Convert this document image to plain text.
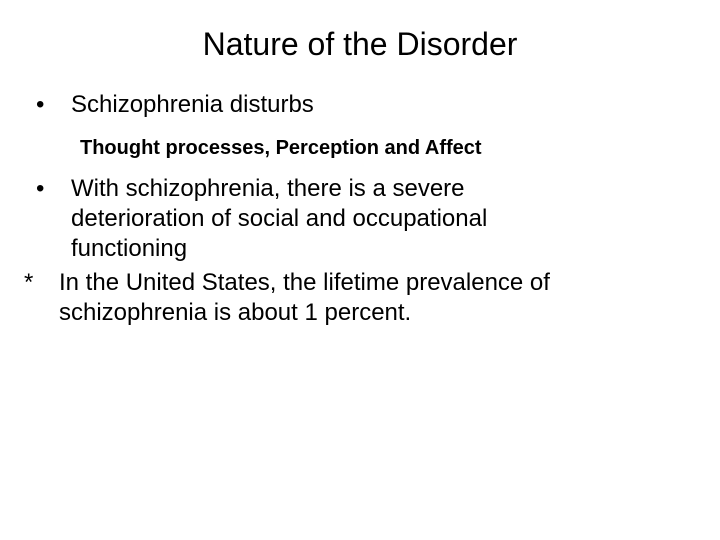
Nature of the Disorder
•	Schizophrenia disturbs
Thought processes, Perception and Affect
•	With schizophrenia, there is a severe
deterioration of social and occupational
functioning
*	In the United States, the lifetime prevalence of
schizophrenia is about 1 percent.
